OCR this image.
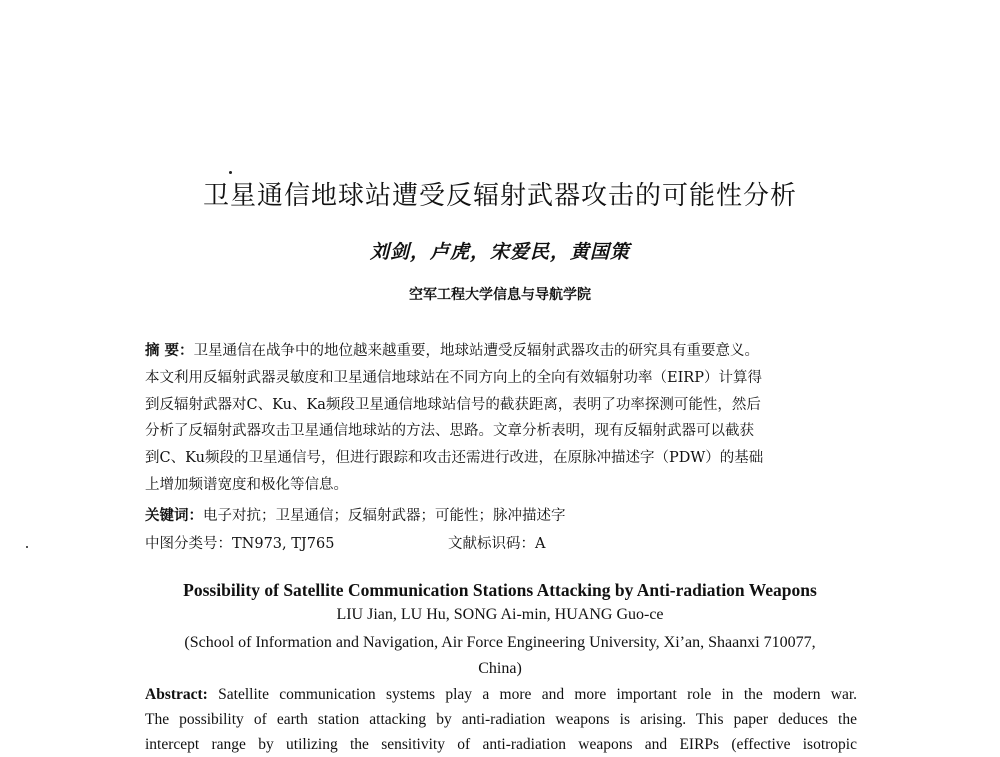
卫星通信地球站遭受反辐射武器攻击的可能性分析
刘剑，卢虎，宋爱民，黄国策
空军工程大学信息与导航学院
摘 要：卫星通信在战争中的地位越来越重要，地球站遭受反辐射武器攻击的研究具有重要意义。
本文利用反辐射武器灵敏度和卫星通信地球站在不同方向上的全向有效辐射功率（EIRP）计算得
到反辐射武器对C、Ku、Ka频段卫星通信地球站信号的截获距离，表明了功率探测可能性，然后
分析了反辐射武器攻击卫星通信地球站的方法、思路。文章分析表明，现有反辐射武器可以截获
到C、Ku频段的卫星通信号，但进行跟踪和攻击还需进行改进，在原脉冲描述字（PDW）的基础
上增加频谱宽度和极化等信息。
关键词：电子对抗；卫星通信；反辐射武器；可能性；脉冲描述字
中图分类号：TN973, TJ765	文献标识码：A
Possibility of Satellite Communication Stations Attacking by Anti-radiation Weapons
LIU Jian, LU Hu, SONG Ai-min, HUANG Guo-ce
(School of Information and Navigation, Air Force Engineering University, Xi’an, Shaanxi 710077,
China)
Abstract: Satellite communication systems play a more and more important role in the modern war.
The possibility of earth station attacking by anti-radiation weapons is arising. This paper deduces the
intercept range by utilizing the sensitivity of anti-radiation weapons and EIRPs (effective isotropic
